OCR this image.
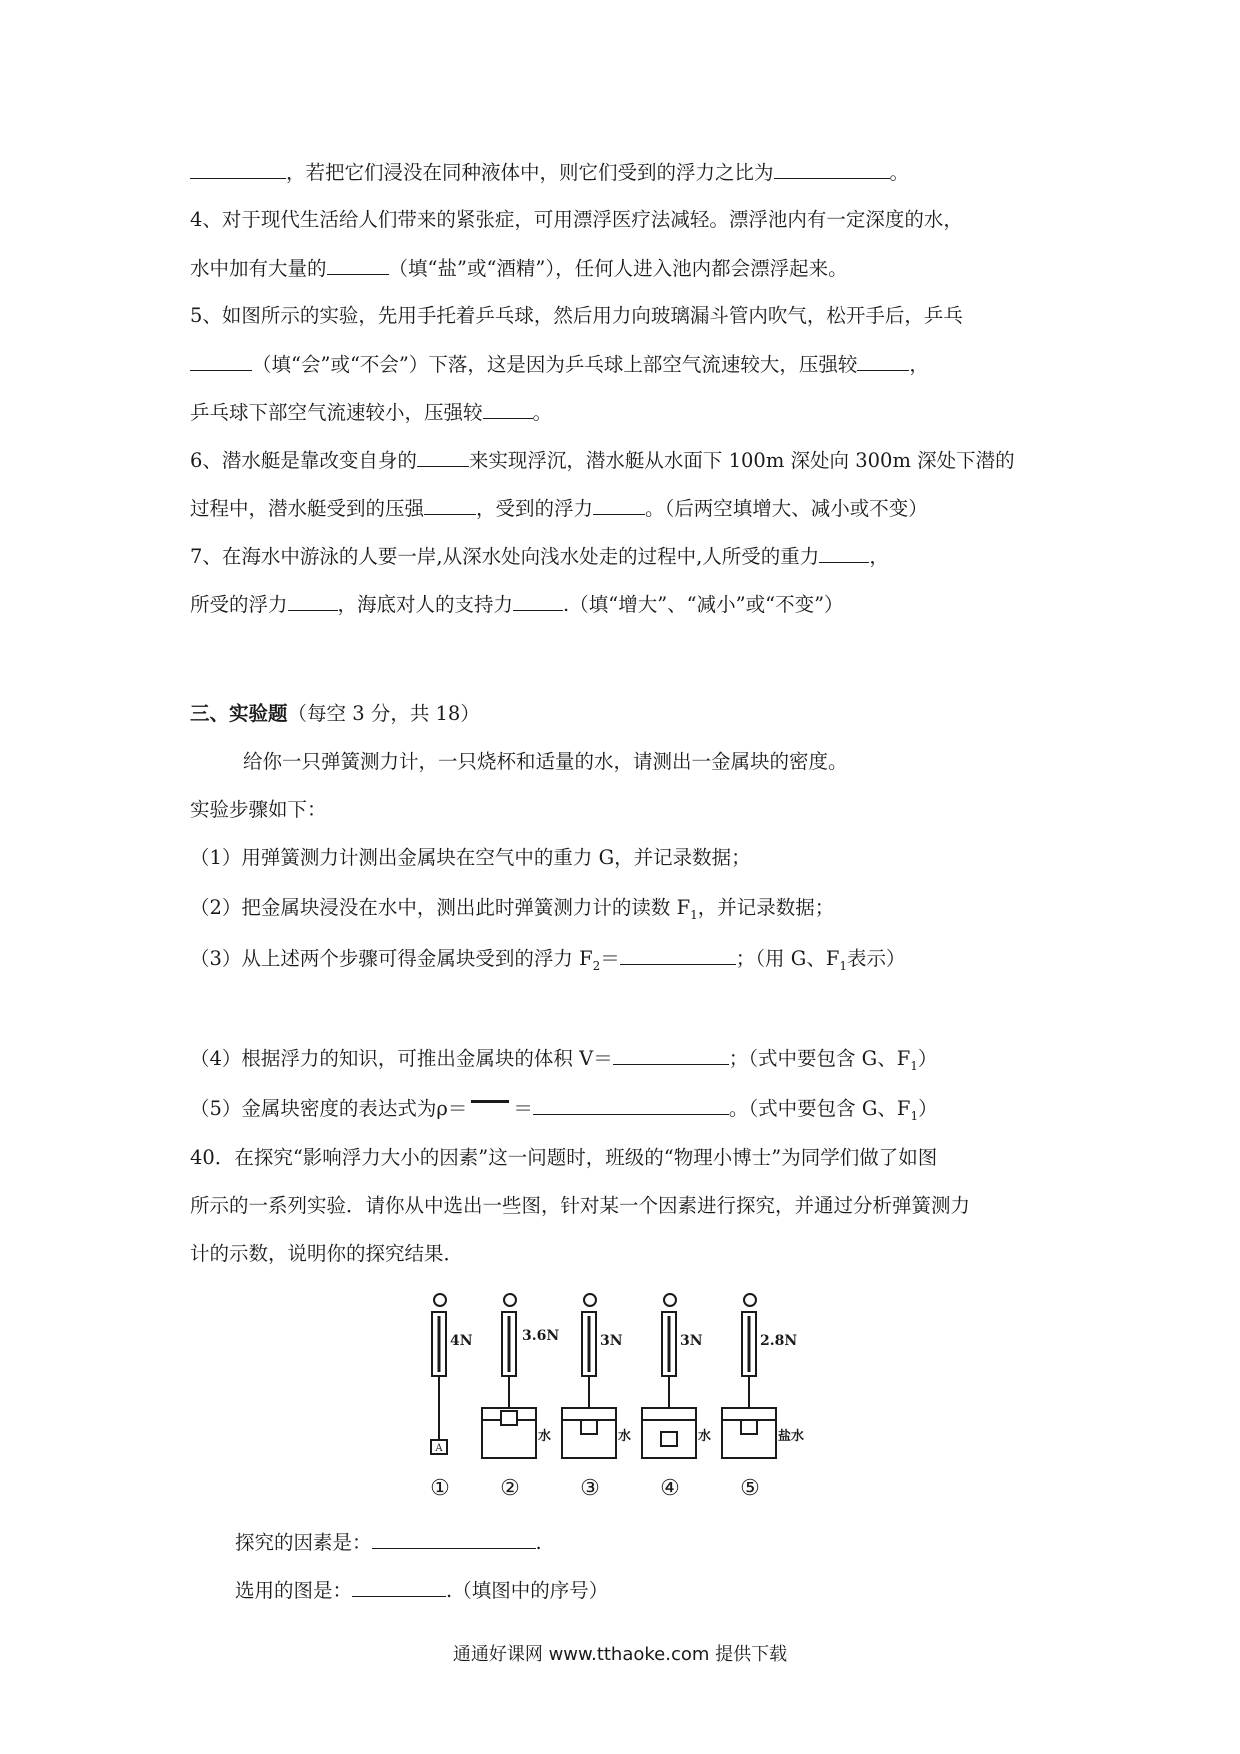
，若把它们浸没在同种液体中，则它们受到的浮力之比为	。
4、对于现代生活给人们带来的紧张症，可用漂浮医疗法减轻。漂浮池内有一定深度的水，
水中加有大量的	（填“盐”或“酒精”），任何人进入池内都会漂浮起来。
5、如图所示的实验，先用手托着乒乓球，然后用力向玻璃漏斗管内吹气，松开手后，乒乓
（填“会”或“不会”）下落，这是因为乒乓球上部空气流速较大，压强较	，
乒乓球下部空气流速较小，压强较	。
6、潜水艇是靠改变自身的	来实现浮沉，潜水艇从水面下 100m 深处向 300m 深处下潜的
过程中，潜水艇受到的压强	，受到的浮力	。（后两空填增大、减小或不变）
7、在海水中游泳的人要一岸,从深水处向浅水处走的过程中,人所受的重力	，
所受的浮力	，海底对人的支持力	.（填“增大”、“减小”或“不变”）
三、实验题（每空 3 分，共 18）
给你一只弹簧测力计，一只烧杯和适量的水，请测出一金属块的密度。
实验步骤如下：
（1）用弹簧测力计测出金属块在空气中的重力 G，并记录数据；
（2）把金属块浸没在水中，测出此时弹簧测力计的读数 $F_1$，并记录数据；
（3）从上述两个步骤可得金属块受到的浮力 $F_2=$	；（用 G、$F_1$表示）
（4）根据浮力的知识，可推出金属块的体积 V＝	；（式中要包含 G、$F_1$）
（5）金属块密度的表达式为ρ＝ ＝	。（式中要包含 G、$F_1$）
40．在探究“影响浮力大小的因素”这一问题时，班级的“物理小博士”为同学们做了如图
所示的一系列实验．请你从中选出一些图，针对某一个因素进行探究，并通过分析弹簧测力
计的示数，说明你的探究结果．
A
4N	3.6N
水
3N
水
3N
水
2.8N
盐水
① ②	③	④	⑤
探究的因素是：	.
选用的图是：	.（填图中的序号）
通通好课网 www.tthaoke.com 提供下载
